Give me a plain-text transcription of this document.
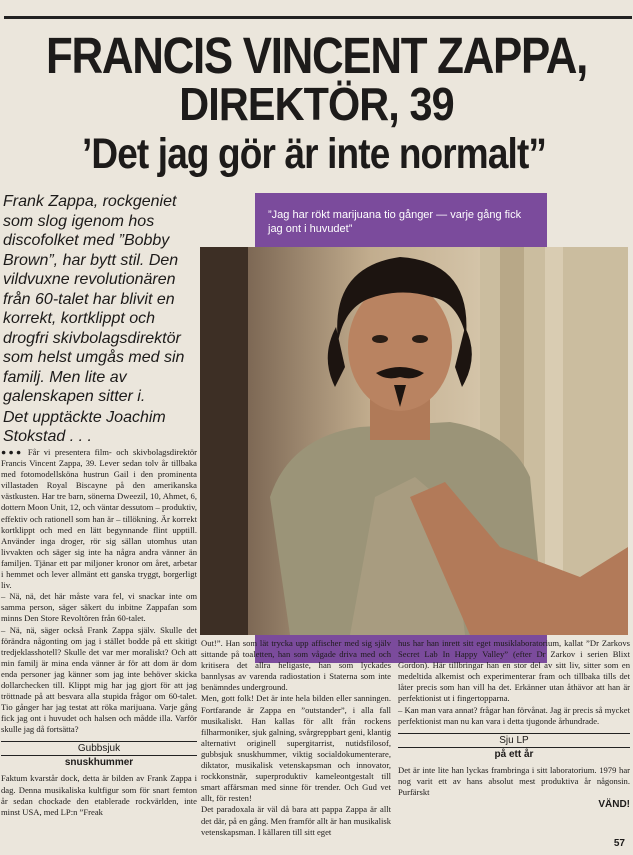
FRANCIS VINCENT ZAPPA,
DIREKTÖR, 39
’Det jag gör är inte normalt”

Frank Zappa, rockgeniet som slog igenom hos discofolket med ”Bobby Brown”, har bytt stil. Den vildvuxne revolutionären från 60-talet har blivit en korrekt, kortklippt och drogfri skivbolagsdirektör som helst umgås med sin familj. Men lite av galenskapen sitter i.

Det upptäckte Joachim Stokstad . . .

”Jag har rökt marijuana tio gånger — varje gång fick jag ont i huvudet”

●●● Får vi presentera film- och skivbolagsdirektör Francis Vincent Zappa, 39. Lever sedan tolv år tillbaka med fotomodellsköna hustrun Gail i den prominenta villastaden Royal Biscayne på den amerikanska västkusten. Har tre barn, sönerna Dweezil, 10, Ahmet, 6, dottern Moon Unit, 12, och väntar dessutom – produktiv, effektiv och rationell som han är – tillökning. Är korrekt kortklippt och med en lätt begynnande flint upptill. Använder inga droger, rör sig sällan utomhus utan livvakten och säger sig inte ha några andra vänner än familjen. Tjänar ett par miljoner kronor om året, arbetar i hemmet och lever allmänt ett ganska tryggt, borgerligt liv.

– Nä, nä, det här måste vara fel, vi snackar inte om samma person, säger säkert du inbitne Zappafan som minns Den Store Revoltören från 60-talet.

– Nä, nä, säger också Frank Zappa själv. Skulle det förändra någonting om jag i stället bodde på ett skitigt tredjeklasshotell? Skulle det var mer moraliskt? Och att min familj är mina enda vänner är för att dom är dom enda personer jag känner som jag inte behöver skicka dollarchecken till. Klippt mig har jag gjort för att jag tröttnade på att besvara alla stupida frågor om 60-talet. Tio gånger har jag testat att röka marijuana. Varje gång fick jag ont i huvudet och halsen och mådde illa. Varför skulle jag då fortsätta?

Gubbsjuk
snuskhummer

Faktum kvarstår dock, detta är bilden av Frank Zappa i dag. Denna musikaliska kultfigur som för snart femton år sedan chockade den etablerade rockvärlden, inte minst USA, med LP:n ”Freak

Out!”. Han som lät trycka upp affischer med sig själv sittande på toaletten, han som vågade driva med och kritisera det allra heligaste, han som lyckades bannlysas av varenda radiostation i Staterna som inte benämndes underground.

Men, gott folk! Det är inte hela bilden eller sanningen. Fortfarande är Zappa en ”outstander”, i alla fall musikaliskt. Han kallas för allt från rockens filharmoniker, sjuk galning, svårgreppbart geni, klantig alternativt originell supergitarrist, nutidsfilosof, gubbsjuk snuskhummer, viktig socialdokumenterare, diktator, musikalisk vetenskapsman och innovator, rockkonstnär, superproduktiv kameleontgestalt till smart affärsman med sinne för trender. Och Gud vet allt, för resten!

Det paradoxala är väl då bara att pappa Zappa är allt det där, på en gång. Men framför allt är han musikalisk vetenskapsman. I källaren till sitt eget

hus har han inrett sitt eget musiklaboratorium, kallat ”Dr Zarkovs Secret Lab In Happy Valley” (efter Dr Zarkov i serien Blixt Gordon). Här tillbringar han en stor del av sitt liv, sitter som en medeltida alkemist och experimenterar fram och tillbaka tills det låter precis som han vill ha det. Erkänner utan åthävor att han är perfektionist ut i fingertopparna.

– Kan man vara annat? frågar han förvånat. Jag är precis så mycket perfektionist man nu kan vara i detta tjugonde århundrade.

Sju LP
på ett år

Det är inte lite han lyckas frambringa i sitt laboratorium. 1979 har nog varit ett av hans absolut mest produktiva år någonsin. Purfärskt

VÄND!
57
